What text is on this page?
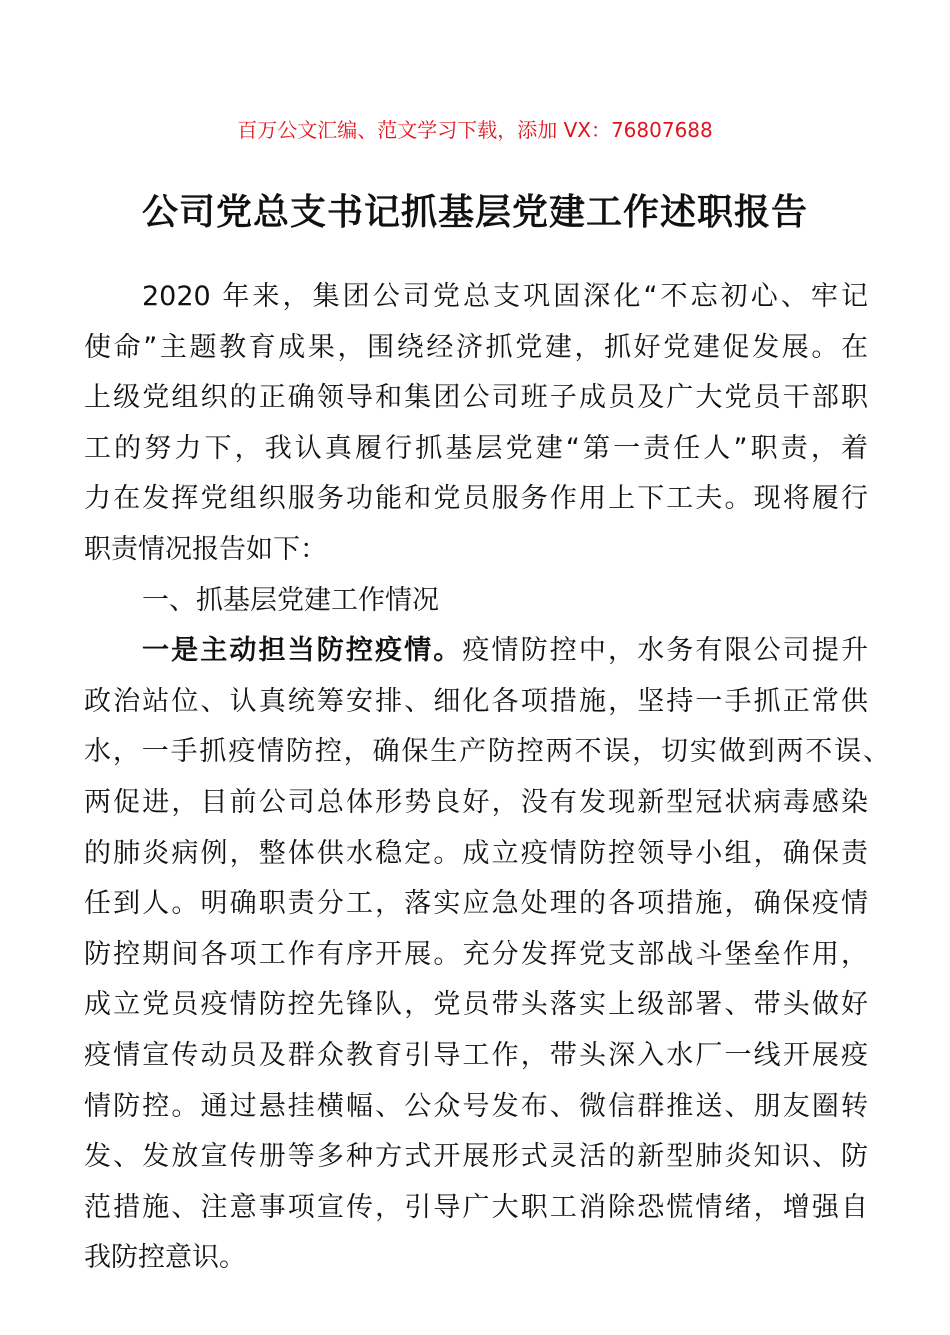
百万公文汇编、范文学习下载，添加 VX：76807688
公司党总支书记抓基层党建工作述职报告
2020 年来，集团公司党总支巩固深化“不忘初心、牢记
使命”主题教育成果，围绕经济抓党建，抓好党建促发展。在
上级党组织的正确领导和集团公司班子成员及广大党员干部职
工的努力下，我认真履行抓基层党建“第一责任人”职责，着
力在发挥党组织服务功能和党员服务作用上下工夫。现将履行
职责情况报告如下：
一、抓基层党建工作情况
一是主动担当防控疫情。疫情防控中，水务有限公司提升
政治站位、认真统筹安排、细化各项措施，坚持一手抓正常供
水，一手抓疫情防控，确保生产防控两不误，切实做到两不误、
两促进，目前公司总体形势良好，没有发现新型冠状病毒感染
的肺炎病例，整体供水稳定。成立疫情防控领导小组，确保责
任到人。明确职责分工，落实应急处理的各项措施，确保疫情
防控期间各项工作有序开展。充分发挥党支部战斗堡垒作用，
成立党员疫情防控先锋队，党员带头落实上级部署、带头做好
疫情宣传动员及群众教育引导工作，带头深入水厂一线开展疫
情防控。通过悬挂横幅、公众号发布、微信群推送、朋友圈转
发、发放宣传册等多种方式开展形式灵活的新型肺炎知识、防
范措施、注意事项宣传，引导广大职工消除恐慌情绪，增强自
我防控意识。
